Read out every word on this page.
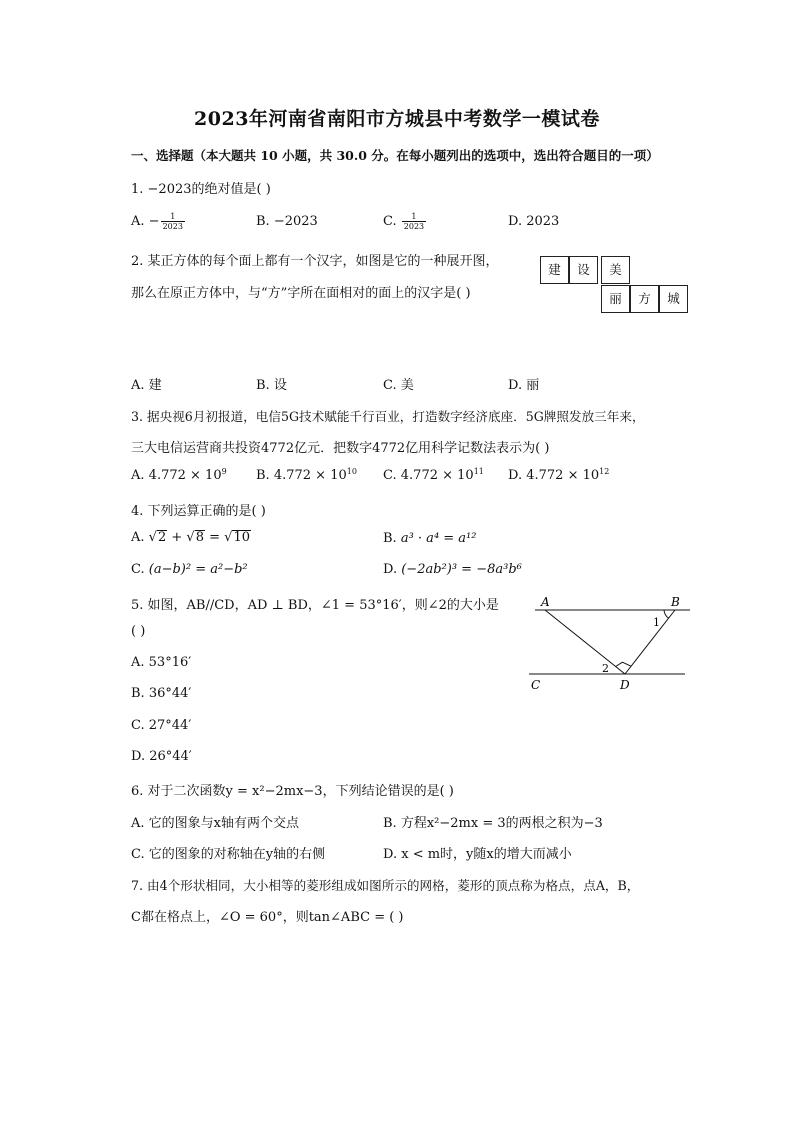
2023年河南省南阳市方城县中考数学一模试卷
一、选择题（本大题共 10 小题，共 30.0 分。在每小题列出的选项中，选出符合题目的一项）
1. −2023的绝对值是( )
A. − $\frac{1}{2023}$	B. −2023	C. $\frac{1}{2023}$	D. 2023
2. 某正方体的每个面上都有一个汉字，如图是它的一种展开图，
那么在原正方体中，与“方”字所在面相对的面上的汉字是( )
建	设	美
丽	方	城
A. 建	B. 设	C. 美	D. 丽
3. 据央视6月初报道，电信5G技术赋能千行百业，打造数字经济底座．5G牌照发放三年来，
三大电信运营商共投资4772亿元．把数字4772亿用科学记数法表示为( )
A. $4.772 \times 10^9$ B. $4.772 \times 10^{10}$ C. $4.772 \times 10^{11}$ D. $4.772 \times 10^{12}$
4. 下列运算正确的是( )
A. √2 + √8 = √10	B. a³ · a⁴ = a¹²
C. (a−b)² = a²−b²	D. (−2ab²)³ = −8a³b⁶
5. 如图，AB//CD，AD ⊥ BD，∠1 = 53°16′，则∠2的大小是
( )
A. 53°16′
B. 36°44′
C. 27°44′
D. 26°44′
A	B
C	D
1
2
6. 对于二次函数y = x²−2mx−3，下列结论错误的是( )
A. 它的图象与x轴有两个交点	B. 方程x²−2mx = 3的两根之积为−3
C. 它的图象的对称轴在y轴的右侧	D. x < m时，y随x的增大而减小
7. 由4个形状相同，大小相等的菱形组成如图所示的网格，菱形的顶点称为格点，点A，B，
C都在格点上，∠O = 60°，则tan∠ABC = ( )
